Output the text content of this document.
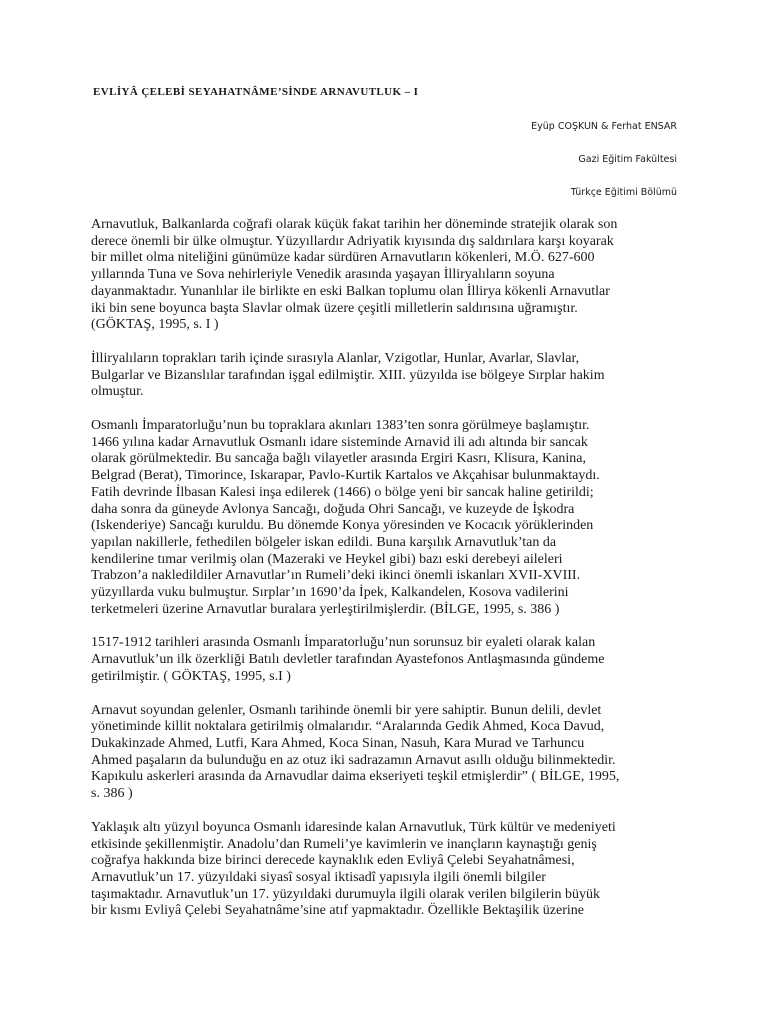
EVLİYÂ ÇELEBİ SEYAHATNÂME’SİNDE ARNAVUTLUK – I

Eyüp COŞKUN & Ferhat ENSAR

Gazi Eğitim Fakültesi

Türkçe Eğitimi Bölümü

Arnavutluk, Balkanlarda coğrafi olarak küçük fakat tarihin her döneminde stratejik olarak son
derece önemli bir ülke olmuştur. Yüzyıllardır Adriyatik kıyısında dış saldırılara karşı koyarak
bir millet olma niteliğini günümüze kadar sürdüren Arnavutların kökenleri, M.Ö. 627-600
yıllarında Tuna ve Sova nehirleriyle Venedik arasında yaşayan İlliryalıların soyuna
dayanmaktadır. Yunanlılar ile birlikte en eski Balkan toplumu olan İllirya kökenli Arnavutlar
iki bin sene boyunca başta Slavlar olmak üzere çeşitli milletlerin saldırısına uğramıştır.
(GÖKTAŞ, 1995, s. I )

İlliryalıların toprakları tarih içinde sırasıyla Alanlar, Vzigotlar, Hunlar, Avarlar, Slavlar,
Bulgarlar ve Bizanslılar tarafından işgal edilmiştir. XIII. yüzyılda ise bölgeye Sırplar hakim
olmuştur.

Osmanlı İmparatorluğu’nun bu topraklara akınları 1383’ten sonra görülmeye başlamıştır.
1466 yılına kadar Arnavutluk Osmanlı idare sisteminde Arnavid ili adı altında bir sancak
olarak görülmektedir. Bu sancağa bağlı vilayetler arasında Ergiri Kasrı, Klisura, Kanina,
Belgrad (Berat), Timorince, Iskarapar, Pavlo-Kurtik Kartalos ve Akçahisar bulunmaktaydı.
Fatih devrinde İlbasan Kalesi inşa edilerek (1466) o bölge yeni bir sancak haline getirildi;
daha sonra da güneyde Avlonya Sancağı, doğuda Ohri Sancağı, ve kuzeyde de İşkodra
(Iskenderiye) Sancağı kuruldu. Bu dönemde Konya yöresinden ve Kocacık yörüklerinden
yapılan nakillerle, fethedilen bölgeler iskan edildi. Buna karşılık Arnavutluk’tan da
kendilerine tımar verilmiş olan (Mazeraki ve Heykel gibi) bazı eski derebeyi aileleri
Trabzon’a nakledildiler Arnavutlar’ın Rumeli’deki ikinci önemli iskanları XVII-XVIII.
yüzyıllarda vuku bulmuştur. Sırplar’ın 1690’da İpek, Kalkandelen, Kosova vadilerini
terketmeleri üzerine Arnavutlar buralara yerleştirilmişlerdir. (BİLGE, 1995, s. 386 )

1517-1912 tarihleri arasında Osmanlı İmparatorluğu’nun sorunsuz bir eyaleti olarak kalan
Arnavutluk’un ilk özerkliği Batılı devletler tarafından Ayastefonos Antlaşmasında gündeme
getirilmiştir. ( GÖKTAŞ, 1995, s.I )

Arnavut soyundan gelenler, Osmanlı tarihinde önemli bir yere sahiptir. Bunun delili, devlet
yönetiminde killit noktalara getirilmiş olmalarıdır. “Aralarında Gedik Ahmed, Koca Davud,
Dukakinzade Ahmed, Lutfi, Kara Ahmed, Koca Sinan, Nasuh, Kara Murad ve Tarhuncu
Ahmed paşaların da bulunduğu en az otuz iki sadrazamın Arnavut asıllı olduğu bilinmektedir.
Kapıkulu askerleri arasında da Arnavudlar daima ekseriyeti teşkil etmişlerdir” ( BİLGE, 1995,
s. 386 )

Yaklaşık altı yüzyıl boyunca Osmanlı idaresinde kalan Arnavutluk, Türk kültür ve medeniyeti
etkisinde şekillenmiştir. Anadolu’dan Rumeli’ye kavimlerin ve inançların kaynaştığı geniş
coğrafya hakkında bize birinci derecede kaynaklık eden Evliyâ Çelebi Seyahatnâmesi,
Arnavutluk’un 17. yüzyıldaki siyasî sosyal iktisadî yapısıyla ilgili önemli bilgiler
taşımaktadır. Arnavutluk’un 17. yüzyıldaki durumuyla ilgili olarak verilen bilgilerin büyük
bir kısmı Evliyâ Çelebi Seyahatnâme’sine atıf yapmaktadır. Özellikle Bektaşilik üzerine
